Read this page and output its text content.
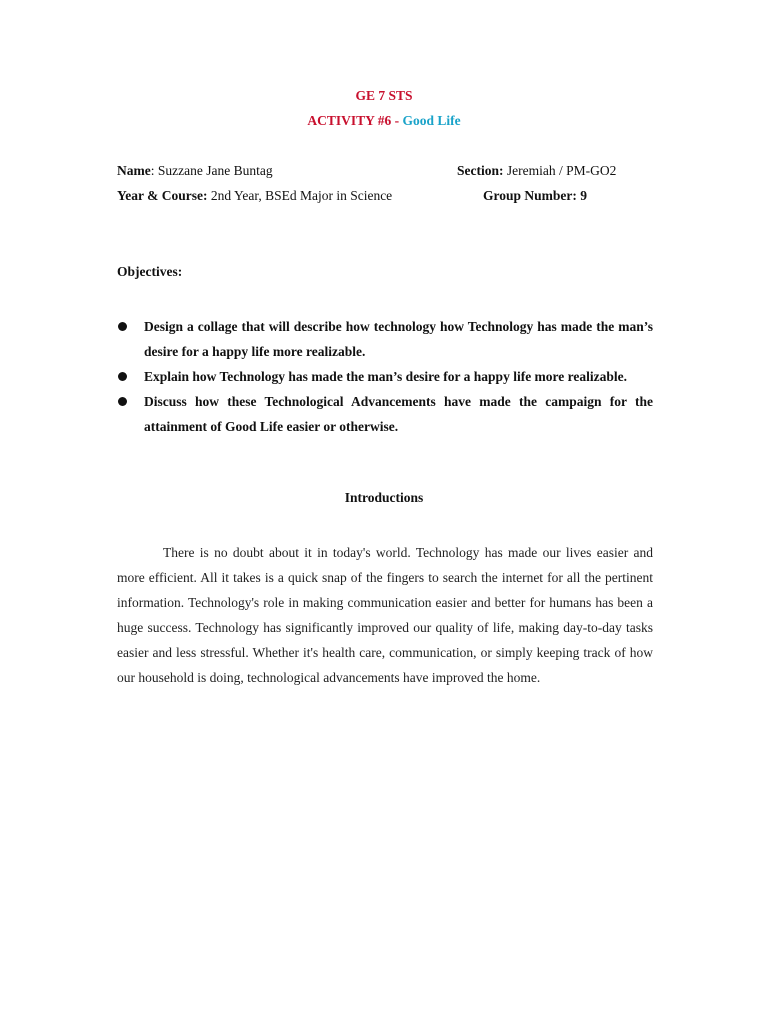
GE 7 STS
ACTIVITY #6 - Good Life
Name: Suzzane Jane Buntag	Section: Jeremiah / PM-GO2
Year & Course: 2nd Year, BSEd Major in Science	Group Number: 9
Objectives:
Design a collage that will describe how technology how Technology has made the man’s desire for a happy life more realizable.
Explain how Technology has made the man’s desire for a happy life more realizable.
Discuss how these Technological Advancements have made the campaign for the attainment of Good Life easier or otherwise.
Introductions

There is no doubt about it in today's world. Technology has made our lives easier and more efficient. All it takes is a quick snap of the fingers to search the internet for all the pertinent information. Technology's role in making communication easier and better for humans has been a huge success. Technology has significantly improved our quality of life, making day-to-day tasks easier and less stressful. Whether it's health care, communication, or simply keeping track of how our household is doing, technological advancements have improved the home.
